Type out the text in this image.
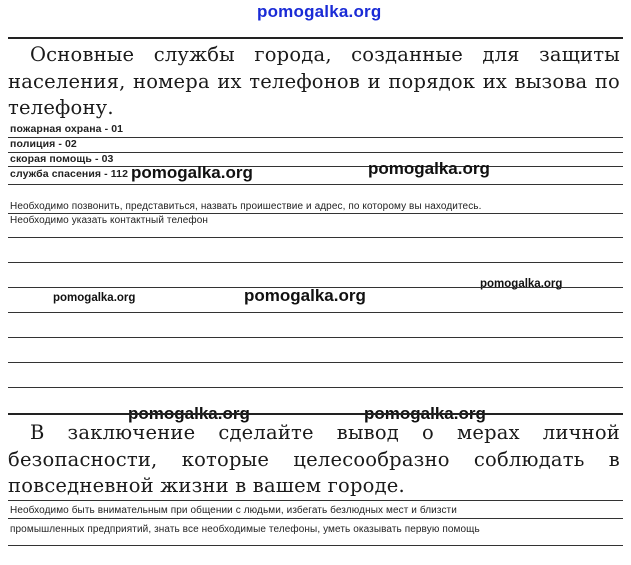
pomogalka.org

Основные службы города, созданные для защиты населения, номера их телефонов и порядок их вызова по телефону.

пожарная охрана - 01
полиция - 02
скорая помощь - 03
служба спасения - 112 pomogalka.org	pomogalka.org
Необходимо позвонить, представиться, назвать проишествие и адрес, по которому вы находитесь.
Необходимо указать контактный телефон
pomogalka.org
pomogalka.org	pomogalka.org
pomogalka.org	pomogalka.org

В заключение сделайте вывод о мерах личной безопасности, которые целесообразно соблюдать в повседневной жизни в вашем городе.

Необходимо быть внимательным при общении с людьми, избегать безлюдных мест и близсти
промышленных предприятий, знать все необходимые телефоны, уметь оказывать первую помощь
